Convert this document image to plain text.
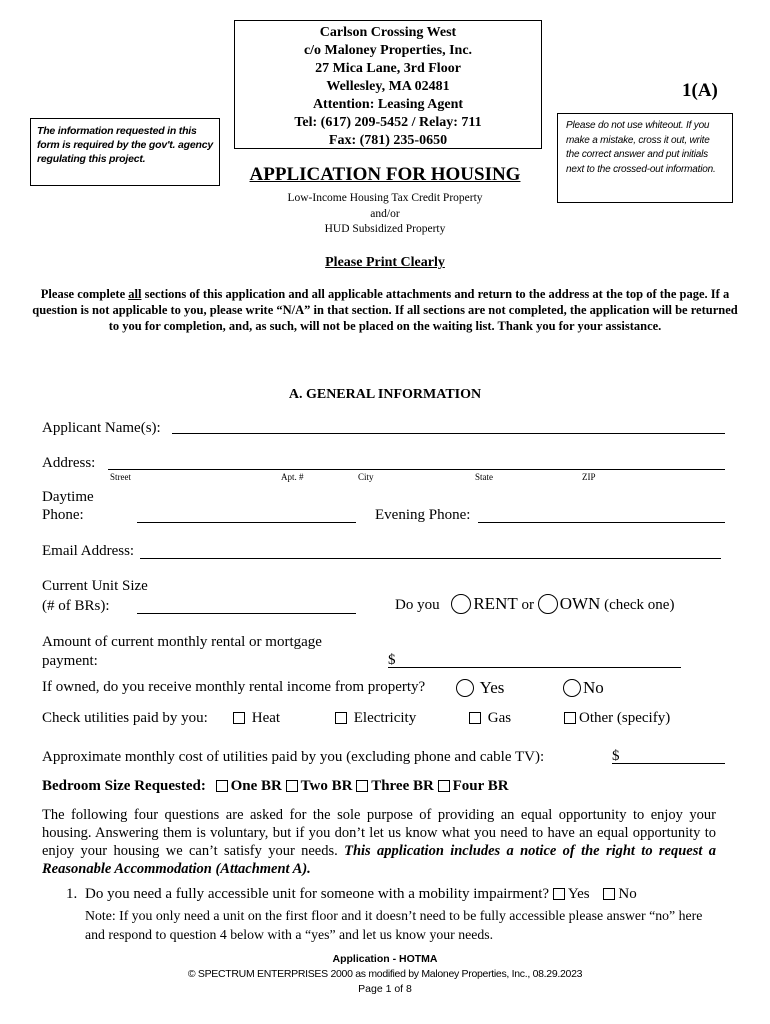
Carlson Crossing West
c/o Maloney Properties, Inc.
27 Mica Lane, 3rd Floor
Wellesley, MA 02481
Attention: Leasing Agent
Tel: (617) 209-5452 / Relay: 711
Fax: (781) 235-0650
1(A)
The information requested in this form is required by the gov't. agency regulating this project.
Please do not use whiteout. If you make a mistake, cross it out, write the correct answer and put initials next to the crossed-out information.
APPLICATION FOR HOUSING
Low-Income Housing Tax Credit Property
and/or
HUD Subsidized Property
Please Print Clearly
Please complete all sections of this application and all applicable attachments and return to the address at the top of the page. If a question is not applicable to you, please write “N/A” in that section. If all sections are not completed, the application will be returned to you for completion, and, as such, will not be placed on the waiting list. Thank you for your assistance.
A. GENERAL INFORMATION
Applicant Name(s):
Address:
Street	Apt. #	City	State	ZIP
Daytime
Phone:	Evening Phone:
Email Address:
Current Unit Size
(# of BRs):	Do you RENT or OWN (check one)
Amount of current monthly rental or mortgage
payment:	$
If owned, do you receive monthly rental income from property?	Yes	No
Check utilities paid by you:	Heat	Electricity	Gas	Other (specify)
Approximate monthly cost of utilities paid by you (excluding phone and cable TV):	$
Bedroom Size Requested: One BR Two BR Three BR Four BR
The following four questions are asked for the sole purpose of providing an equal opportunity to enjoy your housing. Answering them is voluntary, but if you don’t let us know what you need to have an equal opportunity to enjoy your housing we can’t satisfy your needs. This application includes a notice of the right to request a Reasonable Accommodation (Attachment A).
1. Do you need a fully accessible unit for someone with a mobility impairment? Yes No
Note: If you only need a unit on the first floor and it doesn’t need to be fully accessible please answer “no” here and respond to question 4 below with a “yes” and let us know your needs.
Application - HOTMA
© SPECTRUM ENTERPRISES 2000 as modified by Maloney Properties, Inc., 08.29.2023
Page 1 of 8
